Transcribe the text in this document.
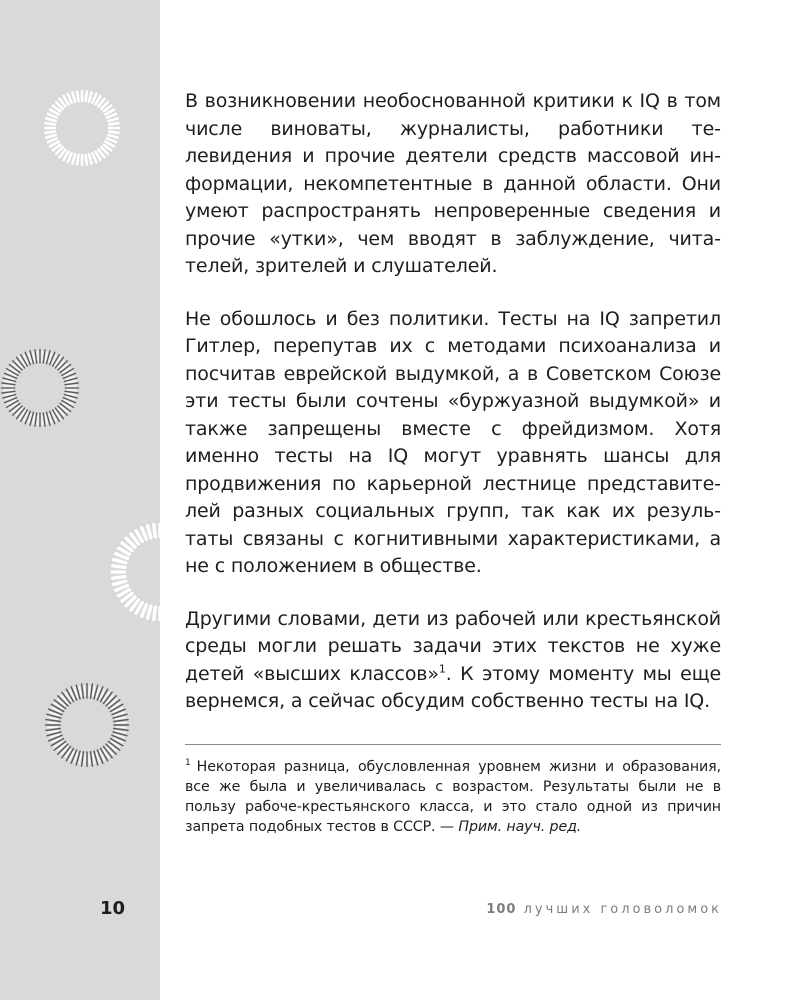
В возникновении необоснованной критики к IQ в том числе виноваты, журналисты, работники телевидения и прочие деятели средств массовой информации, некомпетентные в данной области. Они умеют распространять непроверенные сведения и прочие «утки», чем вводят в заблуждение, читателей, зрителей и слушателей.

Не обошлось и без политики. Тесты на IQ запретил Гитлер, перепутав их с методами психоанализа и посчитав еврейской выдумкой, а в Советском Союзе эти тесты были сочтены «буржуазной выдумкой» и также запрещены вместе с фрейдизмом. Хотя именно тесты на IQ могут уравнять шансы для продвижения по карьерной лестнице представителей разных социальных групп, так как их результаты связаны с когнитивными характеристиками, а не с положением в обществе.

Другими словами, дети из рабочей или крестьянской среды могли решать задачи этих текстов не хуже детей «высших классов»$^1$. К этому моменту мы еще вернемся, а сейчас обсудим собственно тесты на IQ.

$^1$ Некоторая разница, обусловленная уровнем жизни и образования, все же была и увеличивалась с возрастом. Результаты были не в пользу рабоче-крестьянского класса, и это стало одной из причин запрета подобных тестов в СССР. — Прим. науч. ред.

10	100 лучших головоломок
